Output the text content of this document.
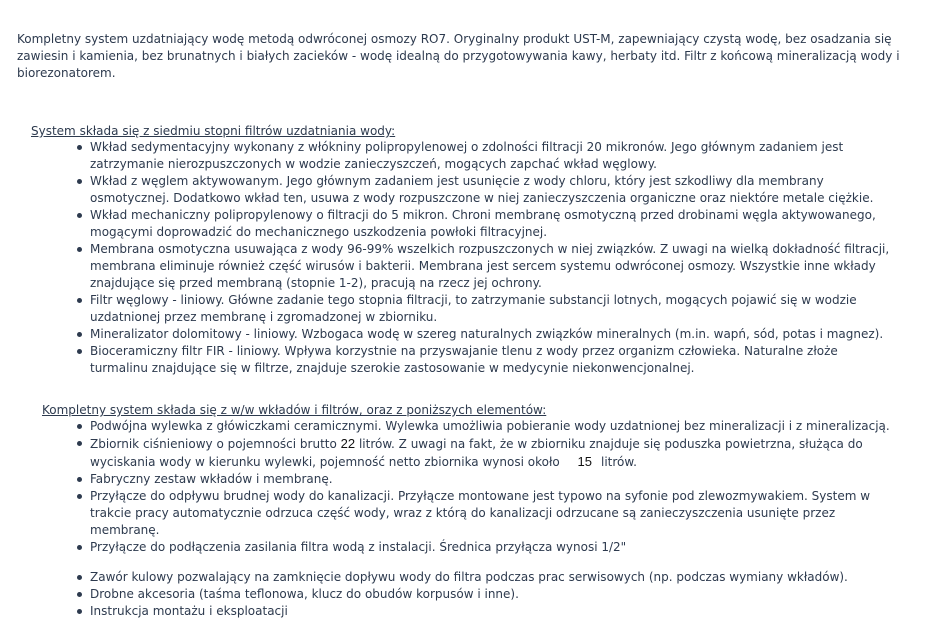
Kompletny system uzdatniający wodę metodą odwróconej osmozy RO7. Oryginalny produkt UST-M, zapewniający czystą wodę, bez osadzania się zawiesin i kamienia, bez brunatnych i białych zacieków - wodę idealną do przygotowywania kawy, herbaty itd. Filtr z końcową mineralizacją wody i biorezonatorem.

System składa się z siedmiu stopni filtrów uzdatniania wody:

Wkład sedymentacyjny wykonany z włókniny polipropylenowej o zdolności filtracji 20 mikronów. Jego głównym zadaniem jest zatrzymanie nierozpuszczonych w wodzie zanieczyszczeń, mogących zapchać wkład węglowy.
Wkład z węglem aktywowanym. Jego głównym zadaniem jest usunięcie z wody chloru, który jest szkodliwy dla membrany osmotycznej. Dodatkowo wkład ten, usuwa z wody rozpuszczone w niej zanieczyszczenia organiczne oraz niektóre metale ciężkie.
Wkład mechaniczny polipropylenowy o filtracji do 5 mikron. Chroni membranę osmotyczną przed drobinami węgla aktywowanego, mogącymi doprowadzić do mechanicznego uszkodzenia powłoki filtracyjnej.
Membrana osmotyczna usuwająca z wody 96-99% wszelkich rozpuszczonych w niej związków. Z uwagi na wielką dokładność filtracji, membrana eliminuje również część wirusów i bakterii. Membrana jest sercem systemu odwróconej osmozy. Wszystkie inne wkłady znajdujące się przed membraną (stopnie 1-2), pracują na rzecz jej ochrony.
Filtr węglowy - liniowy. Główne zadanie tego stopnia filtracji, to zatrzymanie substancji lotnych, mogących pojawić się w wodzie uzdatnionej przez membranę i zgromadzonej w zbiorniku.
Mineralizator dolomitowy - liniowy. Wzbogaca wodę w szereg naturalnych związków mineralnych (m.in. wapń, sód, potas i magnez).
Bioceramiczny filtr FIR - liniowy. Wpływa korzystnie na przyswajanie tlenu z wody przez organizm człowieka. Naturalne złoże turmalinu znajdujące się w filtrze, znajduje szerokie zastosowanie w medycynie niekonwencjonalnej.

Kompletny system składa się z w/w wkładów i filtrów, oraz z poniższych elementów:

Podwójna wylewka z główiczkami ceramicznymi. Wylewka umożliwia pobieranie wody uzdatnionej bez mineralizacji i z mineralizacją.
Zbiornik ciśnieniowy o pojemności brutto 22 litrów. Z uwagi na fakt, że w zbiorniku znajduje się poduszka powietrzna, służąca do wyciskania wody w kierunku wylewki, pojemność netto zbiornika wynosi około 15 litrów.
Fabryczny zestaw wkładów i membranę.
Przyłącze do odpływu brudnej wody do kanalizacji. Przyłącze montowane jest typowo na syfonie pod zlewozmywakiem. System w trakcie pracy automatycznie odrzuca część wody, wraz z którą do kanalizacji odrzucane są zanieczyszczenia usunięte przez membranę.
Przyłącze do podłączenia zasilania filtra wodą z instalacji. Średnica przyłącza wynosi 1/2"
Zawór kulowy pozwalający na zamknięcie dopływu wody do filtra podczas prac serwisowych (np. podczas wymiany wkładów).
Drobne akcesoria (taśma teflonowa, klucz do obudów korpusów i inne).
Instrukcja montażu i eksploatacji
